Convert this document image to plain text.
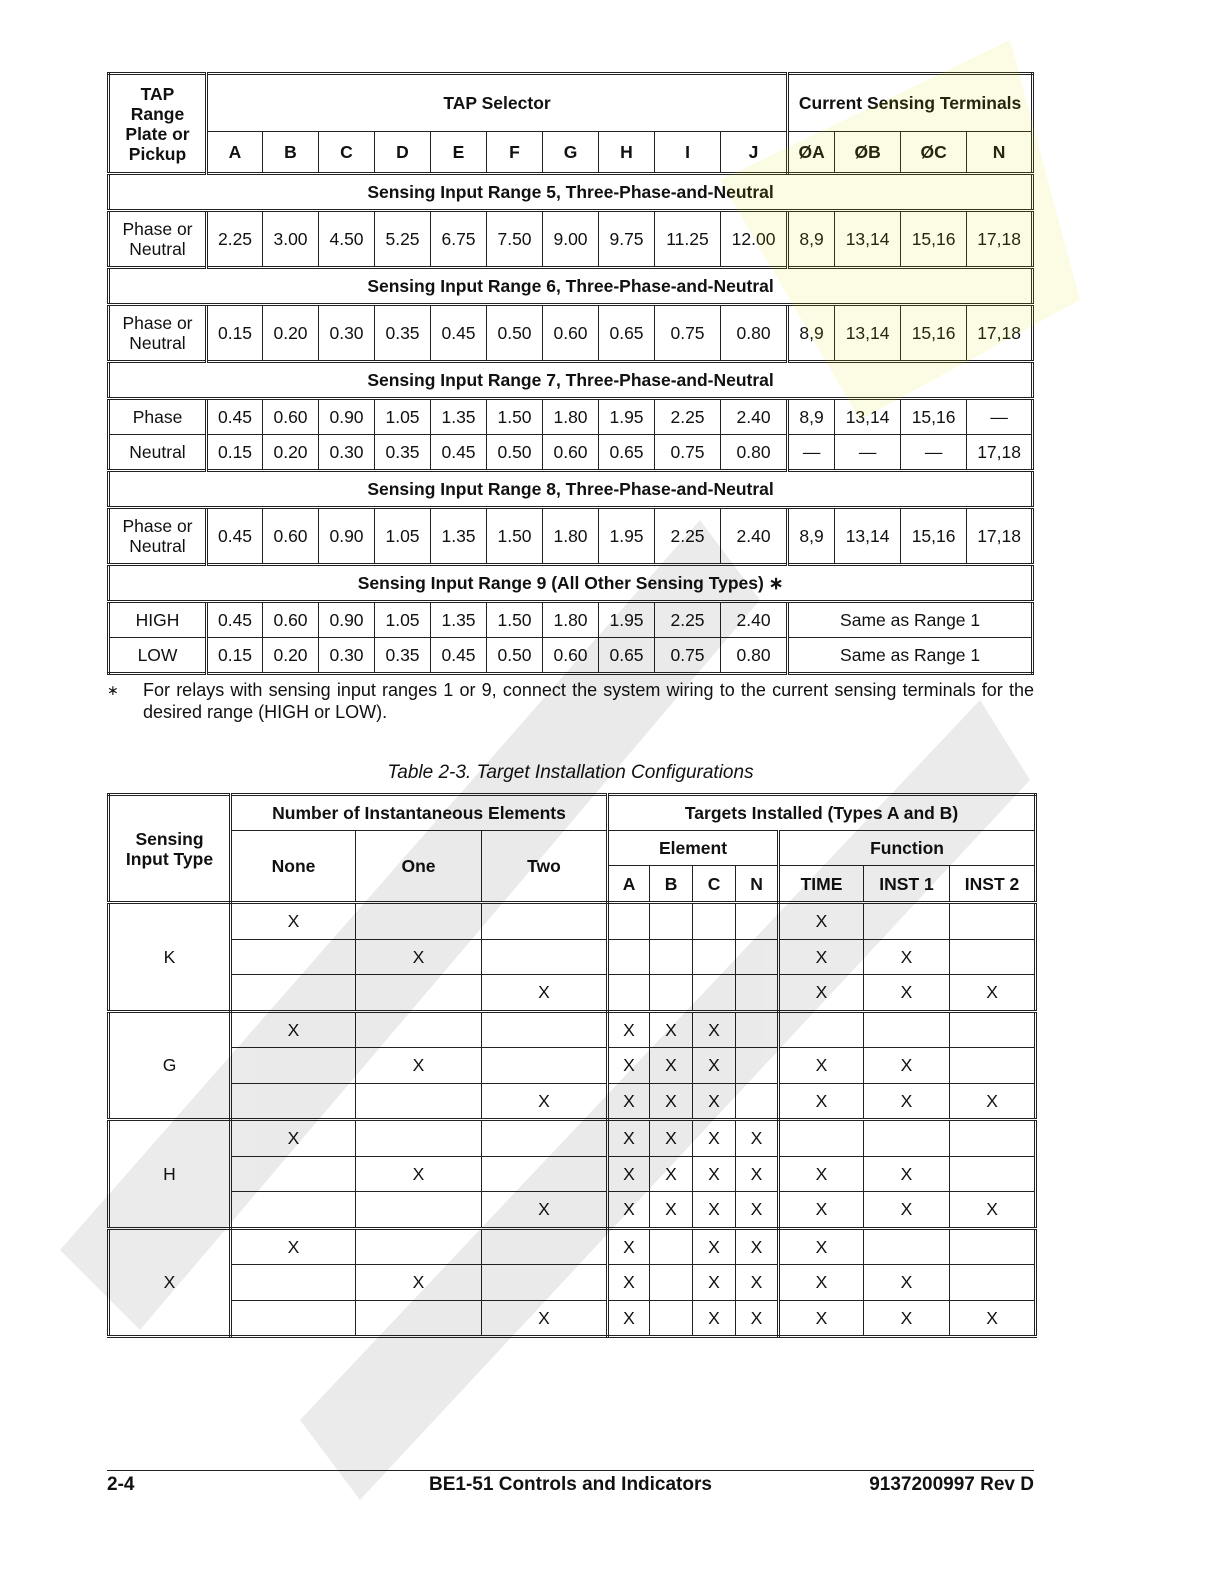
TAP Range Plate or Pickup	TAP Selector										Current Sensing Terminals			
	A	B	C	D	E	F	G	H	I	J	ØA	ØB	ØC	N
Sensing Input Range 5, Three-Phase-and-Neutral														
Phase or Neutral	2.25	3.00	4.50	5.25	6.75	7.50	9.00	9.75	11.25	12.00	8,9	13,14	15,16	17,18
Sensing Input Range 6, Three-Phase-and-Neutral														
Phase or Neutral	0.15	0.20	0.30	0.35	0.45	0.50	0.60	0.65	0.75	0.80	8,9	13,14	15,16	17,18
Sensing Input Range 7, Three-Phase-and-Neutral														
Phase	0.45	0.60	0.90	1.05	1.35	1.50	1.80	1.95	2.25	2.40	8,9	13,14	15,16	—
Neutral	0.15	0.20	0.30	0.35	0.45	0.50	0.60	0.65	0.75	0.80	—	—	—	17,18
Sensing Input Range 8, Three-Phase-and-Neutral														
Phase or Neutral	0.45	0.60	0.90	1.05	1.35	1.50	1.80	1.95	2.25	2.40	8,9	13,14	15,16	17,18
Sensing Input Range 9 (All Other Sensing Types) ∗														
HIGH	0.45	0.60	0.90	1.05	1.35	1.50	1.80	1.95	2.25	2.40	Same as Range 1			
LOW	0.15	0.20	0.30	0.35	0.45	0.50	0.60	0.65	0.75	0.80	Same as Range 1			
∗ For relays with sensing input ranges 1 or 9, connect the system wiring to the current sensing terminals for the desired range (HIGH or LOW).
Table 2-3. Target Installation Configurations
Sensing Input Type	Number of Instantaneous Elements			Targets Installed (Types A and B)						
	None	One	Two	Element				Function		
				A	B	C	N	TIME	INST 1	INST 2
K	X							X		
		X						X	X	
			X					X	X	X
G	X			X	X	X				
		X		X	X	X		X	X	
			X	X	X	X		X	X	X
H	X			X	X	X	X			
		X		X	X	X	X	X	X	
			X	X	X	X	X	X	X	X
X	X			X		X	X	X		
		X		X		X	X	X	X	
			X	X		X	X	X	X	X
2-4	BE1-51 Controls and Indicators	9137200997 Rev D
